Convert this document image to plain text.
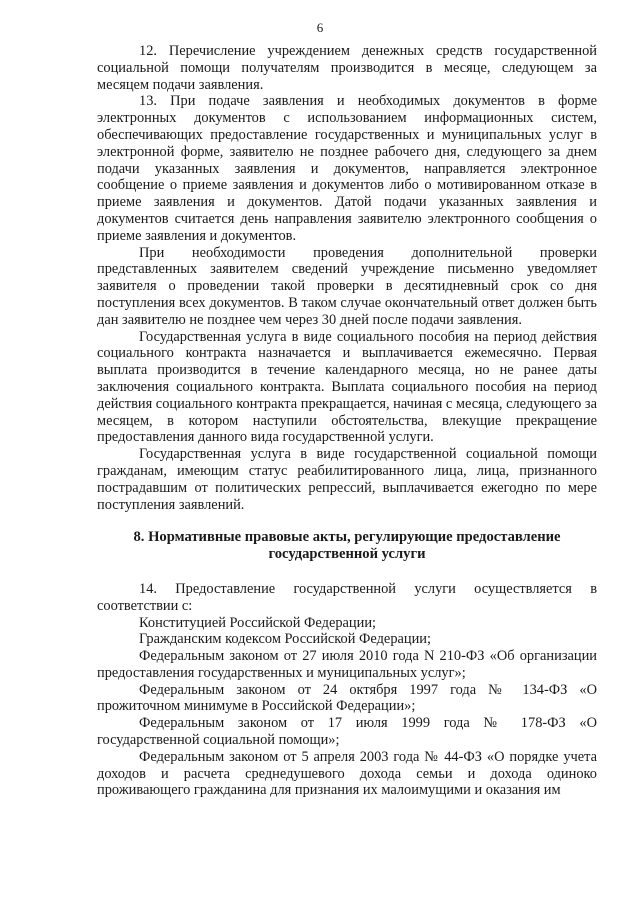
6

12. Перечисление учреждением денежных средств государственной социальной помощи получателям производится в месяце, следующем за месяцем подачи заявления.

13. При подаче заявления и необходимых документов в форме электронных документов с использованием информационных систем, обеспечивающих предоставление государственных и муниципальных услуг в электронной форме, заявителю не позднее рабочего дня, следующего за днем подачи указанных заявления и документов, направляется электронное сообщение о приеме заявления и документов либо о мотивированном отказе в приеме заявления и документов. Датой подачи указанных заявления и документов считается день направления заявителю электронного сообщения о приеме заявления и документов.

При необходимости проведения дополнительной проверки представленных заявителем сведений учреждение письменно уведомляет заявителя о проведении такой проверки в десятидневный срок со дня поступления всех документов. В таком случае окончательный ответ должен быть дан заявителю не позднее чем через 30 дней после подачи заявления.

Государственная услуга в виде социального пособия на период действия социального контракта назначается и выплачивается ежемесячно. Первая выплата производится в течение календарного месяца, но не ранее даты заключения социального контракта. Выплата социального пособия на период действия социального контракта прекращается, начиная с месяца, следующего за месяцем, в котором наступили обстоятельства, влекущие прекращение предоставления данного вида государственной услуги.

Государственная услуга в виде государственной социальной помощи гражданам, имеющим статус реабилитированного лица, лица, признанного пострадавшим от политических репрессий, выплачивается ежегодно по мере поступления заявлений.

8. Нормативные правовые акты, регулирующие предоставление государственной услуги

14. Предоставление государственной услуги осуществляется в соответствии с:

Конституцией Российской Федерации;

Гражданским кодексом Российской Федерации;

Федеральным законом от 27 июля 2010 года N 210-ФЗ «Об организации предоставления государственных и муниципальных услуг»;

Федеральным законом от 24 октября 1997 года № 134-ФЗ «О прожиточном минимуме в Российской Федерации»;

Федеральным законом от 17 июля 1999 года № 178-ФЗ «О государственной социальной помощи»;

Федеральным законом от 5 апреля 2003 года № 44-ФЗ «О порядке учета доходов и расчета среднедушевого дохода семьи и дохода одиноко проживающего гражданина для признания их малоимущими и оказания им
